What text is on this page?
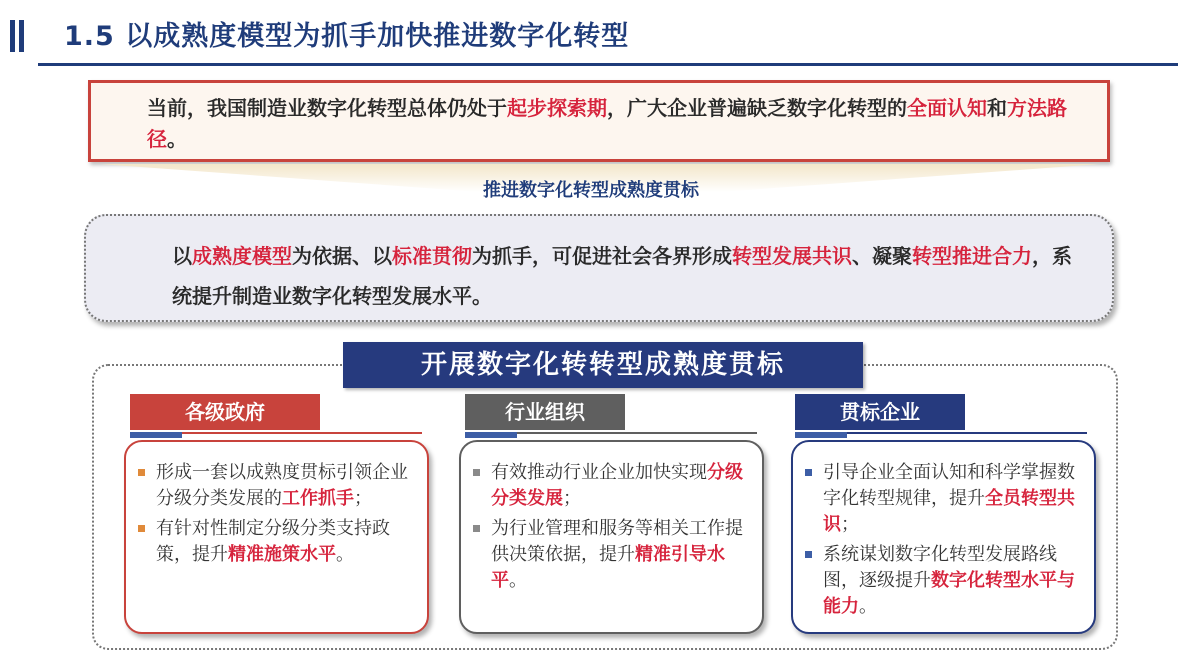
1.5 以成熟度模型为抓手加快推进数字化转型
当前，我国制造业数字化转型总体仍处于起步探索期，广大企业普遍缺乏数字化转型的全面认知和方法路径。
推进数字化转型成熟度贯标
以成熟度模型为依据、以标准贯彻为抓手，可促进社会各界形成转型发展共识、凝聚转型推进合力，系统提升制造业数字化转型发展水平。
开展数字化转转型成熟度贯标
各级政府
形成一套以成熟度贯标引领企业分级分类发展的工作抓手；
有针对性制定分级分类支持政策，提升精准施策水平。
行业组织
有效推动行业企业加快实现分级分类发展；
为行业管理和服务等相关工作提供决策依据，提升精准引导水平。
贯标企业
引导企业全面认知和科学掌握数字化转型规律，提升全员转型共识；
系统谋划数字化转型发展路线图，逐级提升数字化转型水平与能力。
